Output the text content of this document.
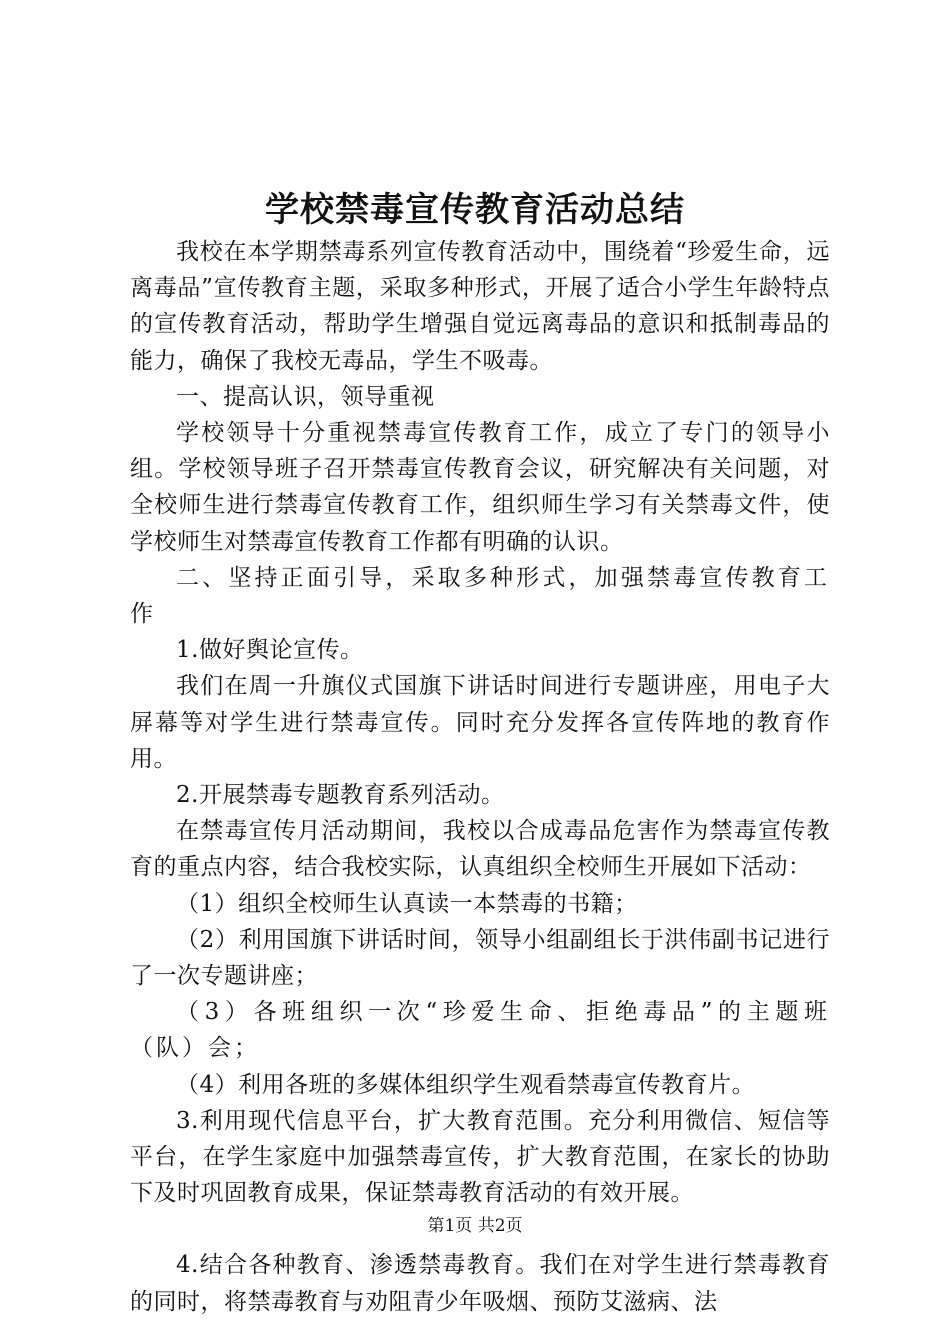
学校禁毒宣传教育活动总结

我校在本学期禁毒系列宣传教育活动中，围绕着“珍爱生命，远离毒品”宣传教育主题，采取多种形式，开展了适合小学生年龄特点的宣传教育活动，帮助学生增强自觉远离毒品的意识和抵制毒品的能力，确保了我校无毒品，学生不吸毒。

一、提高认识，领导重视

学校领导十分重视禁毒宣传教育工作，成立了专门的领导小组。学校领导班子召开禁毒宣传教育会议，研究解决有关问题，对全校师生进行禁毒宣传教育工作，组织师生学习有关禁毒文件，使学校师生对禁毒宣传教育工作都有明确的认识。

二、坚持正面引导，采取多种形式，加强禁毒宣传教育工作

1.做好舆论宣传。

我们在周一升旗仪式国旗下讲话时间进行专题讲座，用电子大屏幕等对学生进行禁毒宣传。同时充分发挥各宣传阵地的教育作用。

2.开展禁毒专题教育系列活动。

在禁毒宣传月活动期间，我校以合成毒品危害作为禁毒宣传教育的重点内容，结合我校实际，认真组织全校师生开展如下活动：

（1）组织全校师生认真读一本禁毒的书籍；

（2）利用国旗下讲话时间，领导小组副组长于洪伟副书记进行了一次专题讲座；

（3）各班组织一次“珍爱生命、拒绝毒品”的主题班（队）会；

（4）利用各班的多媒体组织学生观看禁毒宣传教育片。

3.利用现代信息平台，扩大教育范围。充分利用微信、短信等平台，在学生家庭中加强禁毒宣传，扩大教育范围，在家长的协助下及时巩固教育成果，保证禁毒教育活动的有效开展。

4.结合各种教育、渗透禁毒教育。我们在对学生进行禁毒教育的同时，将禁毒教育与劝阻青少年吸烟、预防艾滋病、法

第1页 共2页
